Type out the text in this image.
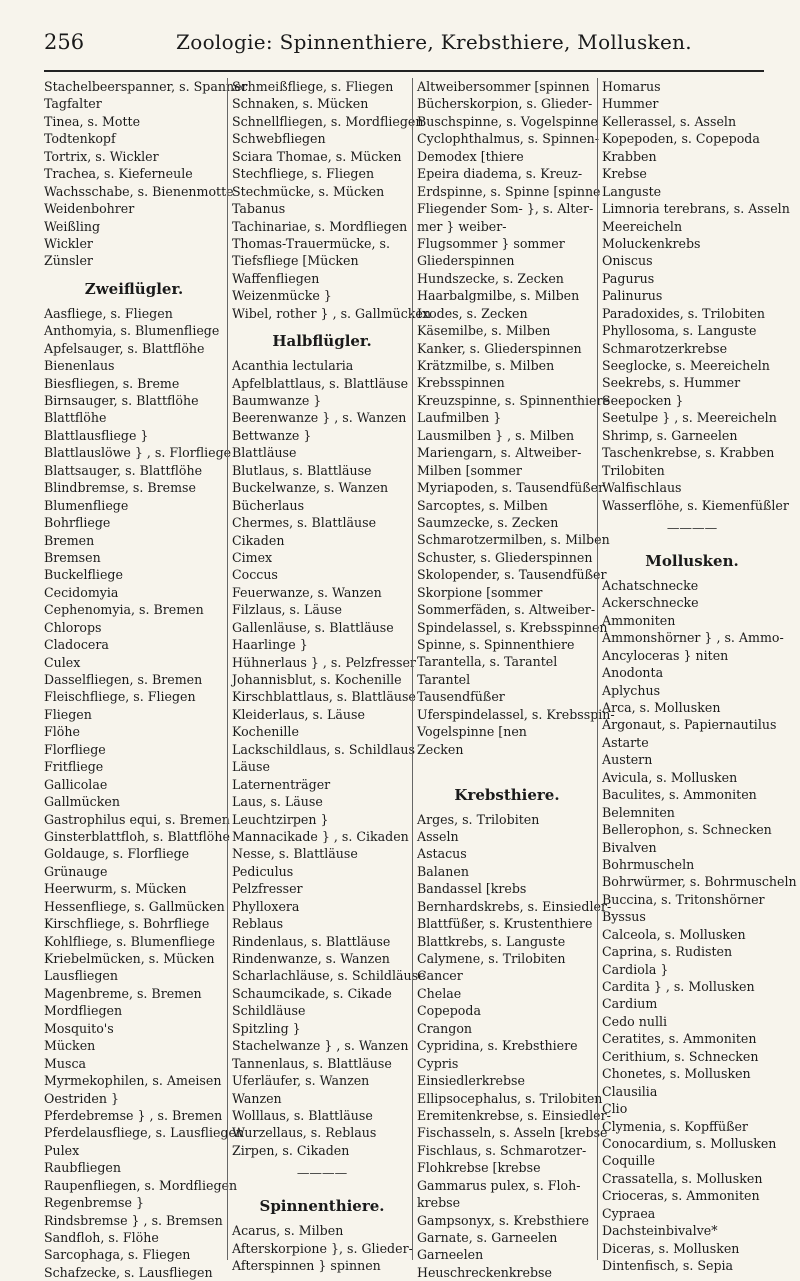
256	Zoologie: Spinnenthiere, Krebsthiere, Mollusken.
Stachelbeerspanner, s. Spanner
Tagfalter
Tinea, s. Motte
Todtenkopf
Tortrix, s. Wickler
Trachea, s. Kieferneule
Wachsschabe, s. Bienenmotte
Weidenbohrer
Weißling
Wickler
Zünsler
Zweiflügler.
Aasfliege, s. Fliegen
Anthomyia, s. Blumenfliege
Apfelsauger, s. Blattflöhe
Bienenlaus
Biesfliegen, s. Breme
Birnsauger, s. Blattflöhe
Blattflöhe
Blattlausfliege }
Blattlauslöwe } , s. Florfliege
Blattsauger, s. Blattflöhe
Blindbremse, s. Bremse
Blumenfliege
Bohrfliege
Bremen
Bremsen
Buckelfliege
Cecidomyia
Cephenomyia, s. Bremen
Chlorops
Cladocera
Culex
Dasselfliegen, s. Bremen
Fleischfliege, s. Fliegen
Fliegen
Flöhe
Florfliege
Fritfliege
Gallicolae
Gallmücken
Gastrophilus equi, s. Bremen
Ginsterblattfloh, s. Blattflöhe
Goldauge, s. Florfliege
Grünauge
Heerwurm, s. Mücken
Hessenfliege, s. Gallmücken
Kirschfliege, s. Bohrfliege
Kohlfliege, s. Blumenfliege
Kriebelmücken, s. Mücken
Lausfliegen
Magenbreme, s. Bremen
Mordfliegen
Mosquito's
Mücken
Musca
Myrmekophilen, s. Ameisen
Oestriden }
Pferdebremse } , s. Bremen
Pferdelausfliege, s. Lausfliegen
Pulex
Raubfliegen
Raupenfliegen, s. Mordfliegen
Regenbremse }
Rindsbremse } , s. Bremsen
Sandfloh, s. Flöhe
Sarcophaga, s. Fliegen
Schafzecke, s. Lausfliegen
Schmeißfliege, s. Fliegen
Schnaken, s. Mücken
Schnellfliegen, s. Mordfliegen
Schwebfliegen
Sciara Thomae, s. Mücken
Stechfliege, s. Fliegen
Stechmücke, s. Mücken
Tabanus
Tachinariae, s. Mordfliegen
Thomas-Trauermücke, s.
Tiefsfliege [Mücken
Waffenfliegen
Weizenmücke }
Wibel, rother } , s. Gallmücken
Halbflügler.
Acanthia lectularia
Apfelblattlaus, s. Blattläuse
Baumwanze }
Beerenwanze } , s. Wanzen
Bettwanze }
Blattläuse
Blutlaus, s. Blattläuse
Buckelwanze, s. Wanzen
Bücherlaus
Chermes, s. Blattläuse
Cikaden
Cimex
Coccus
Feuerwanze, s. Wanzen
Filzlaus, s. Läuse
Gallenläuse, s. Blattläuse
Haarlinge }
Hühnerlaus } , s. Pelzfresser
Johannisblut, s. Kochenille
Kirschblattlaus, s. Blattläuse
Kleiderlaus, s. Läuse
Kochenille
Lackschildlaus, s. Schildlaus
Läuse
Laternenträger
Laus, s. Läuse
Leuchtzirpen }
Mannacikade } , s. Cikaden
Nesse, s. Blattläuse
Pediculus
Pelzfresser
Phylloxera
Reblaus
Rindenlaus, s. Blattläuse
Rindenwanze, s. Wanzen
Scharlachläuse, s. Schildläuse
Schaumcikade, s. Cikade
Schildläuse
Spitzling }
Stachelwanze } , s. Wanzen
Tannenlaus, s. Blattläuse
Uferläufer, s. Wanzen
Wanzen
Wolllaus, s. Blattläuse
Wurzellaus, s. Reblaus
Zirpen, s. Cikaden
————
Spinnenthiere.
Acarus, s. Milben
Afterskorpione }, s. Glieder-
Afterspinnen } spinnen
Altweibersommer [spinnen
Bücherskorpion, s. Glieder-
Buschspinne, s. Vogelspinne
Cyclophthalmus, s. Spinnen-
Demodex [thiere
Epeira diadema, s. Kreuz-
Erdspinne, s. Spinne [spinne
Fliegender Som- }, s. Alter-
mer } weiber-
Flugsommer } sommer
Gliederspinnen
Hundszecke, s. Zecken
Haarbalgmilbe, s. Milben
Ixodes, s. Zecken
Käsemilbe, s. Milben
Kanker, s. Gliederspinnen
Krätzmilbe, s. Milben
Krebsspinnen
Kreuzspinne, s. Spinnenthiere
Laufmilben }
Lausmilben } , s. Milben
Mariengarn, s. Altweiber-
Milben [sommer
Myriapoden, s. Tausendfüßer
Sarcoptes, s. Milben
Saumzecke, s. Zecken
Schmarotzermilben, s. Milben
Schuster, s. Gliederspinnen
Skolopender, s. Tausendfüßer
Skorpione [sommer
Sommerfäden, s. Altweiber-
Spindelassel, s. Krebsspinnen
Spinne, s. Spinnenthiere
Tarantella, s. Tarantel
Tarantel
Tausendfüßer
Uferspindelassel, s. Krebsspin-
Vogelspinne [nen
Zecken
Krebsthiere.
Arges, s. Trilobiten
Asseln
Astacus
Balanen
Bandassel [krebs
Bernhardskrebs, s. Einsiedler-
Blattfüßer, s. Krustenthiere
Blattkrebs, s. Languste
Calymene, s. Trilobiten
Cancer
Chelae
Copepoda
Crangon
Cypridina, s. Krebsthiere
Cypris
Einsiedlerkrebse
Ellipsocephalus, s. Trilobiten
Eremitenkrebse, s. Einsiedler-
Fischasseln, s. Asseln [krebse
Fischlaus, s. Schmarotzer-
Flohkrebse [krebse
Gammarus pulex, s. Floh-
krebse
Gampsonyx, s. Krebsthiere
Garnate, s. Garneelen
Garneelen
Heuschreckenkrebse
Homarus
Hummer
Kellerassel, s. Asseln
Kopepoden, s. Copepoda
Krabben
Krebse
Languste
Limnoria terebrans, s. Asseln
Meereicheln
Moluckenkrebs
Oniscus
Pagurus
Palinurus
Paradoxides, s. Trilobiten
Phyllosoma, s. Languste
Schmarotzerkrebse
Seeglocke, s. Meereicheln
Seekrebs, s. Hummer
Seepocken }
Seetulpe } , s. Meereicheln
Shrimp, s. Garneelen
Taschenkrebse, s. Krabben
Trilobiten
Walfischlaus
Wasserflöhe, s. Kiemenfüßler
————
Mollusken.
Achatschnecke
Ackerschnecke
Ammoniten
Ammonshörner } , s. Ammo-
Ancyloceras } niten
Anodonta
Aplychus
Arca, s. Mollusken
Argonaut, s. Papiernautilus
Astarte
Austern
Avicula, s. Mollusken
Baculites, s. Ammoniten
Belemniten
Bellerophon, s. Schnecken
Bivalven
Bohrmuscheln
Bohrwürmer, s. Bohrmuscheln
Buccina, s. Tritonshörner
Byssus
Calceola, s. Mollusken
Caprina, s. Rudisten
Cardiola }
Cardita } , s. Mollusken
Cardium
Cedo nulli
Ceratites, s. Ammoniten
Cerithium, s. Schnecken
Chonetes, s. Mollusken
Clausilia
Clio
Clymenia, s. Kopffüßer
Conocardium, s. Mollusken
Coquille
Crassatella, s. Mollusken
Crioceras, s. Ammoniten
Cypraea
Dachsteinbivalve*
Diceras, s. Mollusken
Dintenfisch, s. Sepia
